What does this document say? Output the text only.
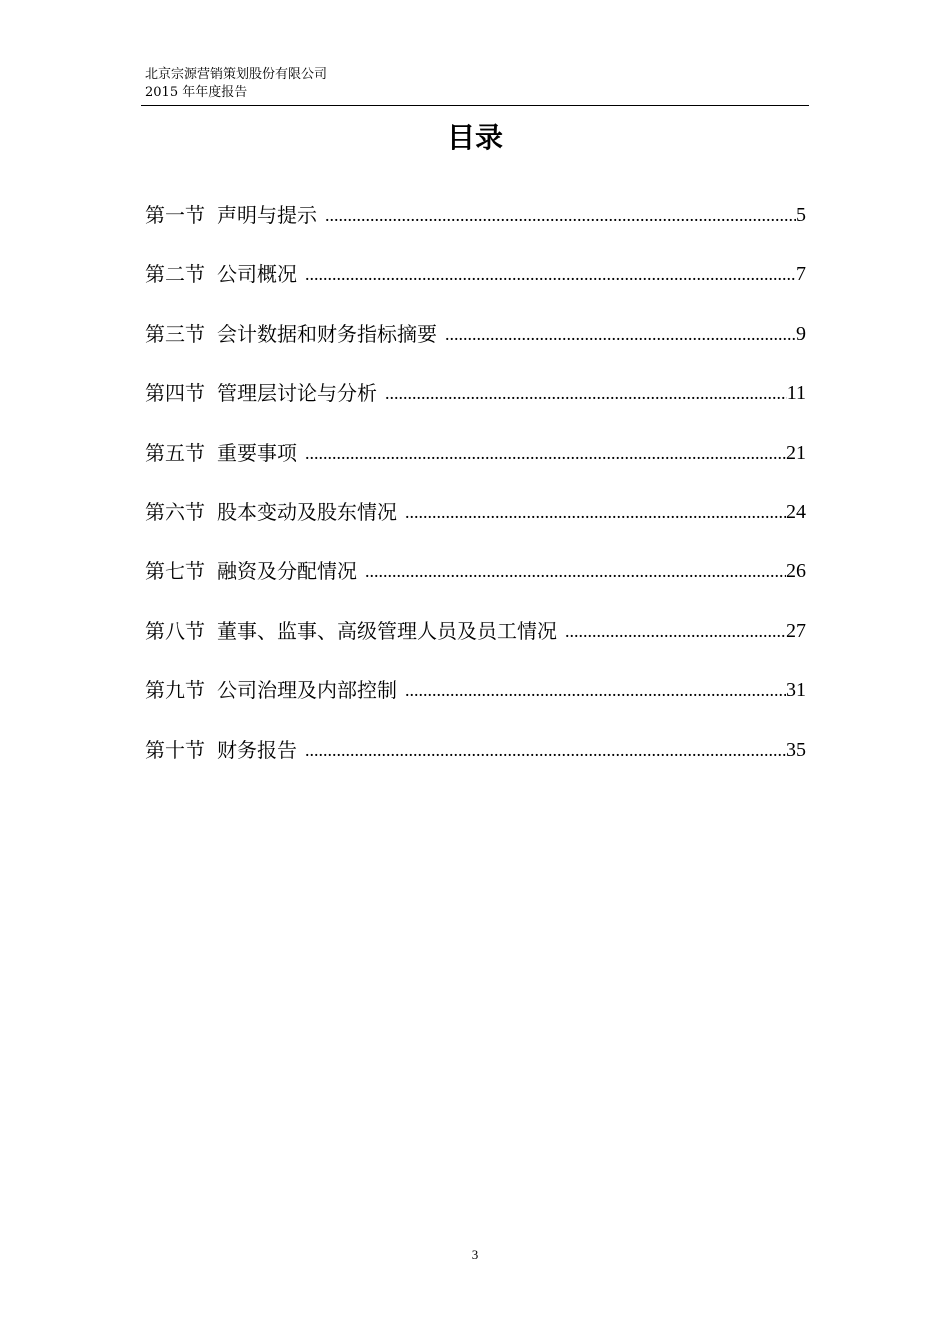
北京宗源营销策划股份有限公司
2015 年年度报告
目录
第一节 声明与提示 .....	5
第二节 公司概况 .....	7
第三节 会计数据和财务指标摘要 .....	9
第四节 管理层讨论与分析 .....	11
第五节 重要事项 .....	21
第六节 股本变动及股东情况 .....	24
第七节 融资及分配情况 .....	26
第八节 董事、监事、高级管理人员及员工情况 .....	27
第九节 公司治理及内部控制 .....	31
第十节 财务报告 .....	35
3
